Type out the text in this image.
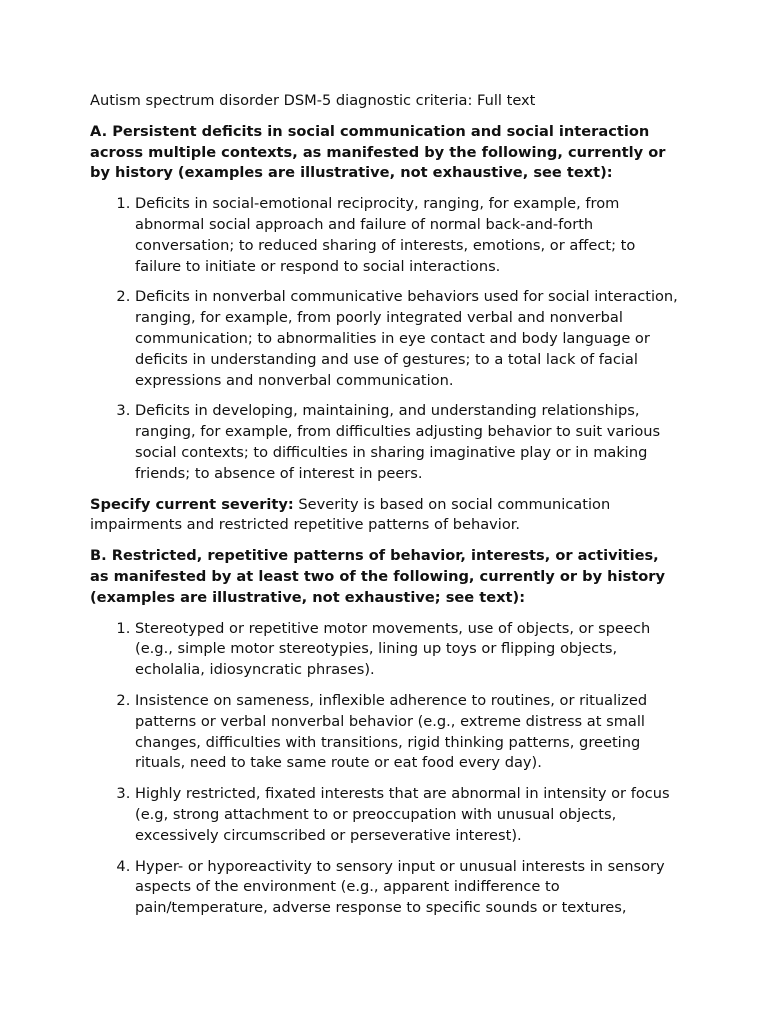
Autism spectrum disorder DSM-5 diagnostic criteria: Full text

A. Persistent deficits in social communication and social interaction across multiple contexts, as manifested by the following, currently or by history (examples are illustrative, not exhaustive, see text):

1. Deficits in social-emotional reciprocity, ranging, for example, from abnormal social approach and failure of normal back-and-forth conversation; to reduced sharing of interests, emotions, or affect; to failure to initiate or respond to social interactions.
2. Deficits in nonverbal communicative behaviors used for social interaction, ranging, for example, from poorly integrated verbal and nonverbal communication; to abnormalities in eye contact and body language or deficits in understanding and use of gestures; to a total lack of facial expressions and nonverbal communication.
3. Deficits in developing, maintaining, and understanding relationships, ranging, for example, from difficulties adjusting behavior to suit various social contexts; to difficulties in sharing imaginative play or in making friends; to absence of interest in peers.

Specify current severity: Severity is based on social communication impairments and restricted repetitive patterns of behavior.

B. Restricted, repetitive patterns of behavior, interests, or activities, as manifested by at least two of the following, currently or by history (examples are illustrative, not exhaustive; see text):

1. Stereotyped or repetitive motor movements, use of objects, or speech (e.g., simple motor stereotypies, lining up toys or flipping objects, echolalia, idiosyncratic phrases).
2. Insistence on sameness, inflexible adherence to routines, or ritualized patterns or verbal nonverbal behavior (e.g., extreme distress at small changes, difficulties with transitions, rigid thinking patterns, greeting rituals, need to take same route or eat food every day).
3. Highly restricted, fixated interests that are abnormal in intensity or focus (e.g, strong attachment to or preoccupation with unusual objects, excessively circumscribed or perseverative interest).
4. Hyper- or hyporeactivity to sensory input or unusual interests in sensory aspects of the environment (e.g., apparent indifference to pain/temperature, adverse response to specific sounds or textures,
